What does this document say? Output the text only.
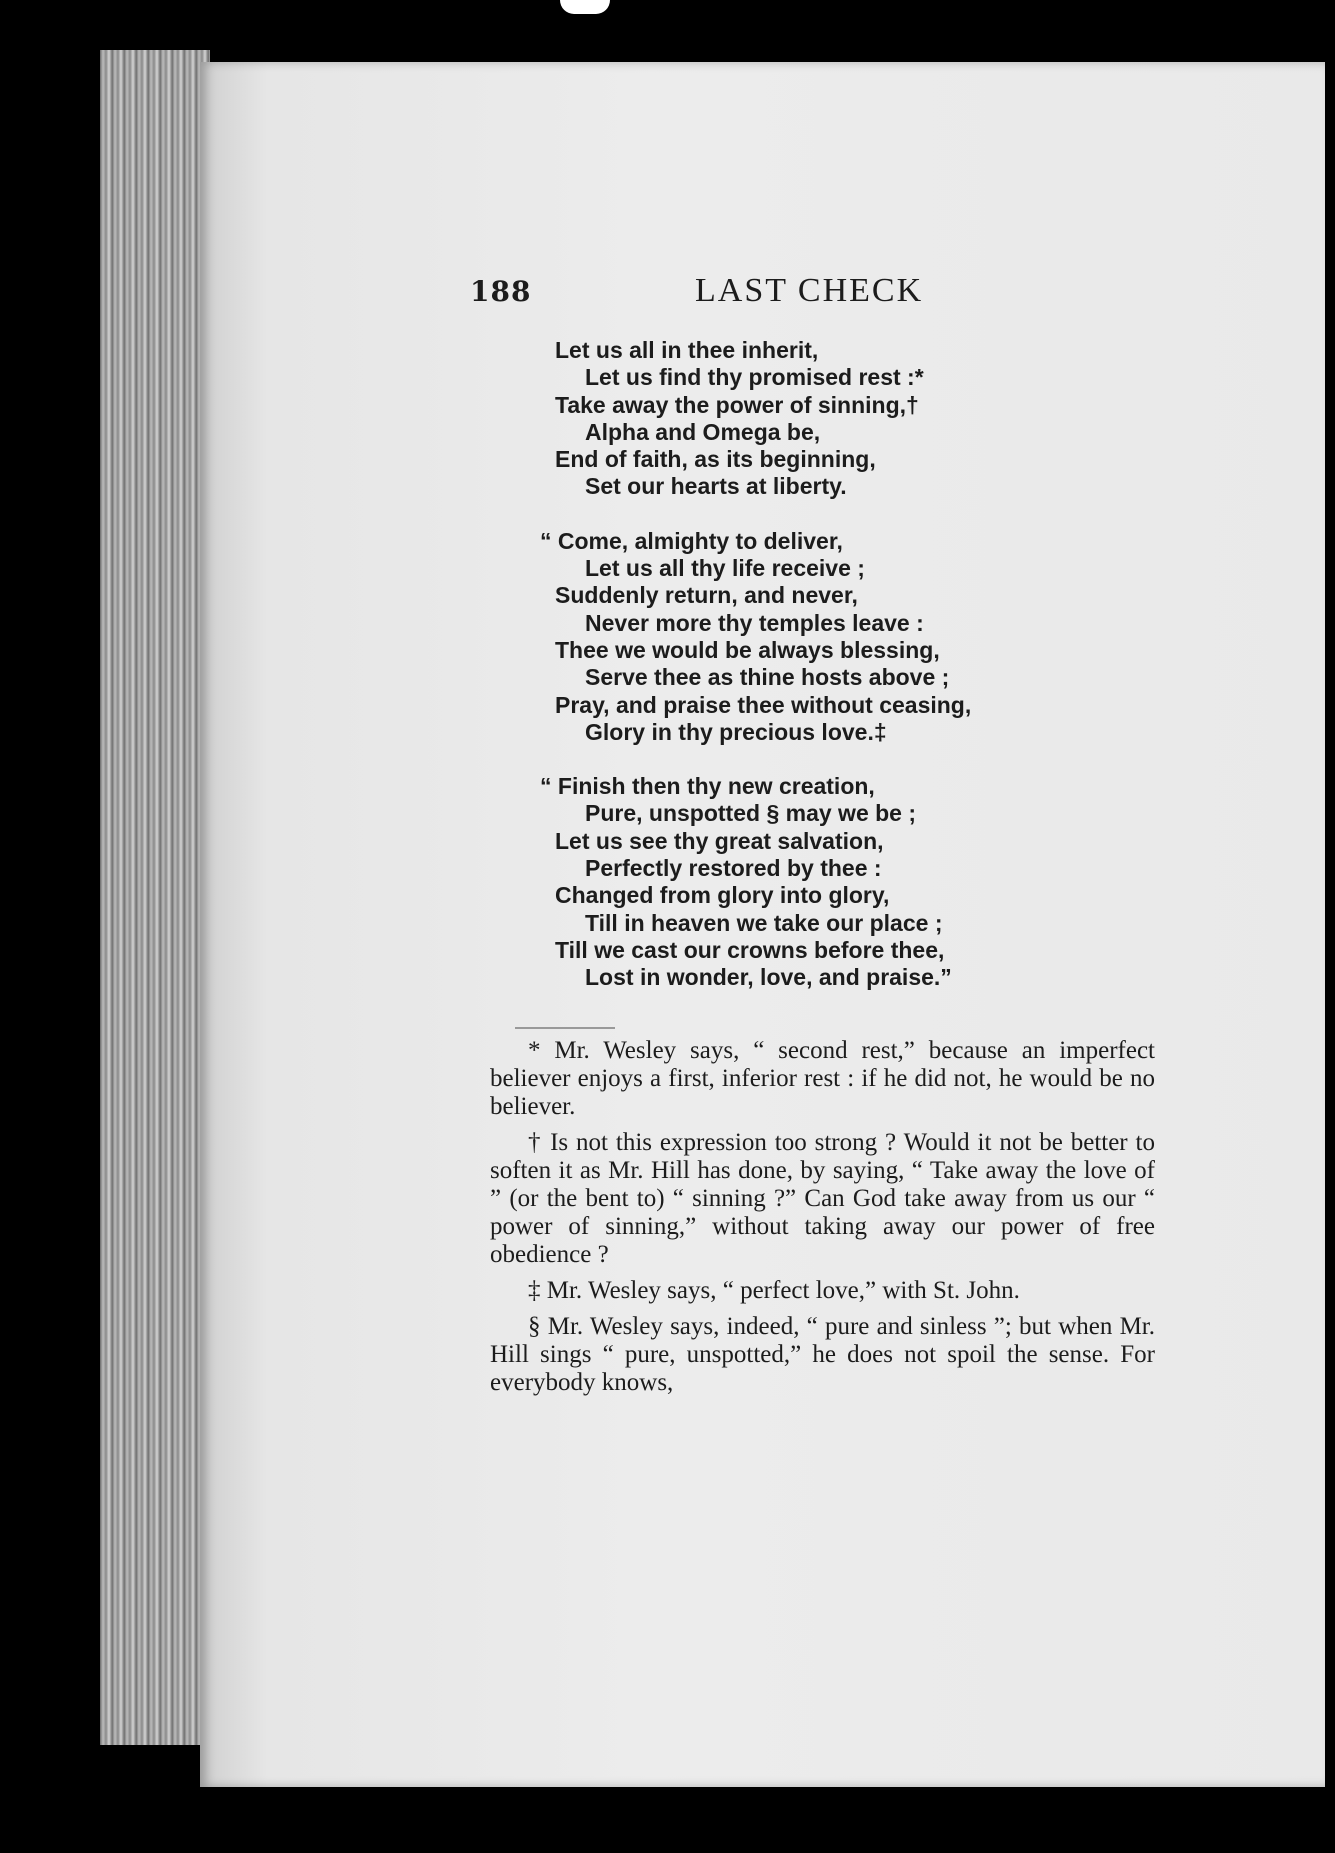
188	LAST CHECK
Let us all in thee inherit,
Let us find thy promised rest :*
Take away the power of sinning,†
Alpha and Omega be,
End of faith, as its beginning,
Set our hearts at liberty.
“ Come, almighty to deliver,
Let us all thy life receive ;
Suddenly return, and never,
Never more thy temples leave :
Thee we would be always blessing,
Serve thee as thine hosts above ;
Pray, and praise thee without ceasing,
Glory in thy precious love.‡
“ Finish then thy new creation,
Pure, unspotted § may we be ;
Let us see thy great salvation,
Perfectly restored by thee :
Changed from glory into glory,
Till in heaven we take our place ;
Till we cast our crowns before thee,
Lost in wonder, love, and praise.”

* Mr. Wesley says, “ second rest,” because an imperfect believer enjoys a first, inferior rest : if he did not, he would be no believer.

† Is not this expression too strong ? Would it not be better to soften it as Mr. Hill has done, by saying, “ Take away the love of ” (or the bent to) “ sinning ?” Can God take away from us our “ power of sinning,” without taking away our power of free obedience ?

‡ Mr. Wesley says, “ perfect love,” with St. John.

§ Mr. Wesley says, indeed, “ pure and sinless ”; but when Mr. Hill sings “ pure, unspotted,” he does not spoil the sense. For everybody knows,
